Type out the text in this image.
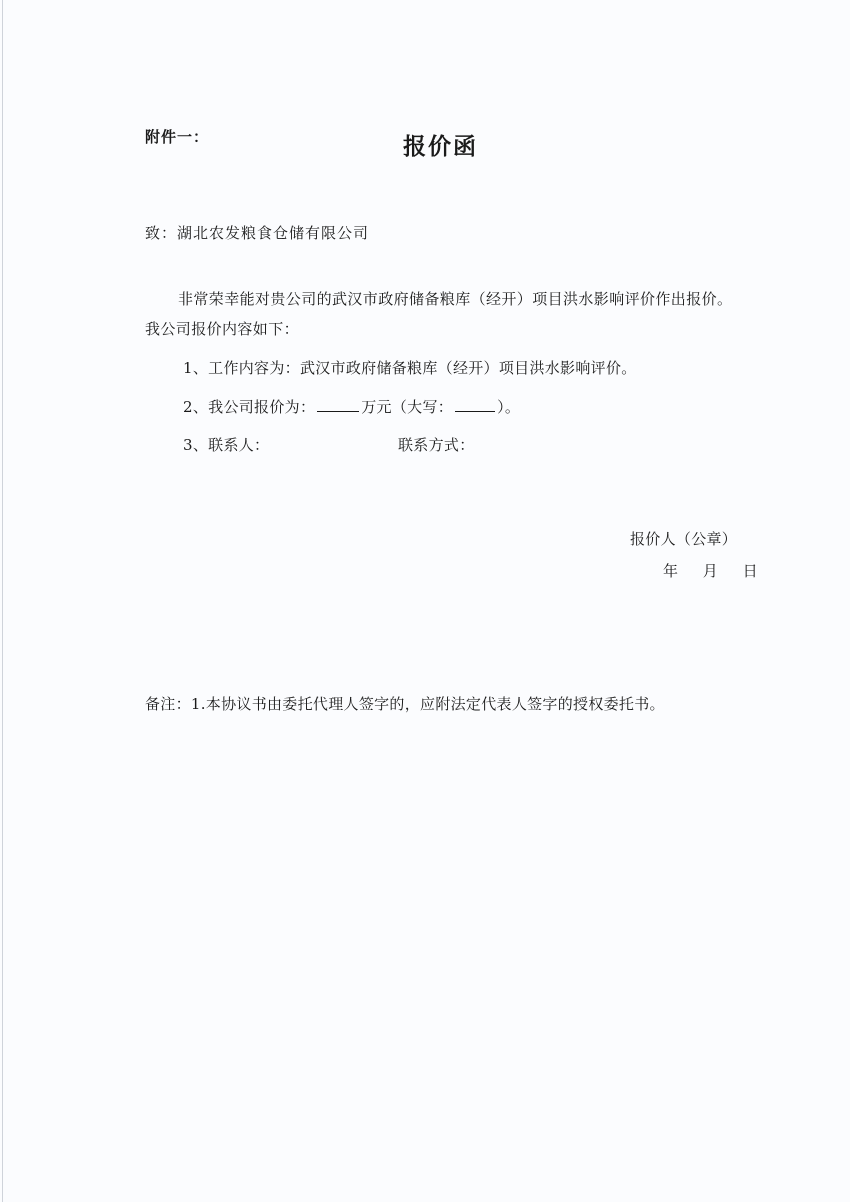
附件一：	报价函
致：湖北农发粮食仓储有限公司
非常荣幸能对贵公司的武汉市政府储备粮库（经开）项目洪水影响评价作出报价。
我公司报价内容如下：
1、工作内容为：武汉市政府储备粮库（经开）项目洪水影响评价。
2、我公司报价为：	万元（大写：	）。
3、联系人：	联系方式：
报价人（公章）
年 月 日
备注：1.本协议书由委托代理人签字的，应附法定代表人签字的授权委托书。
